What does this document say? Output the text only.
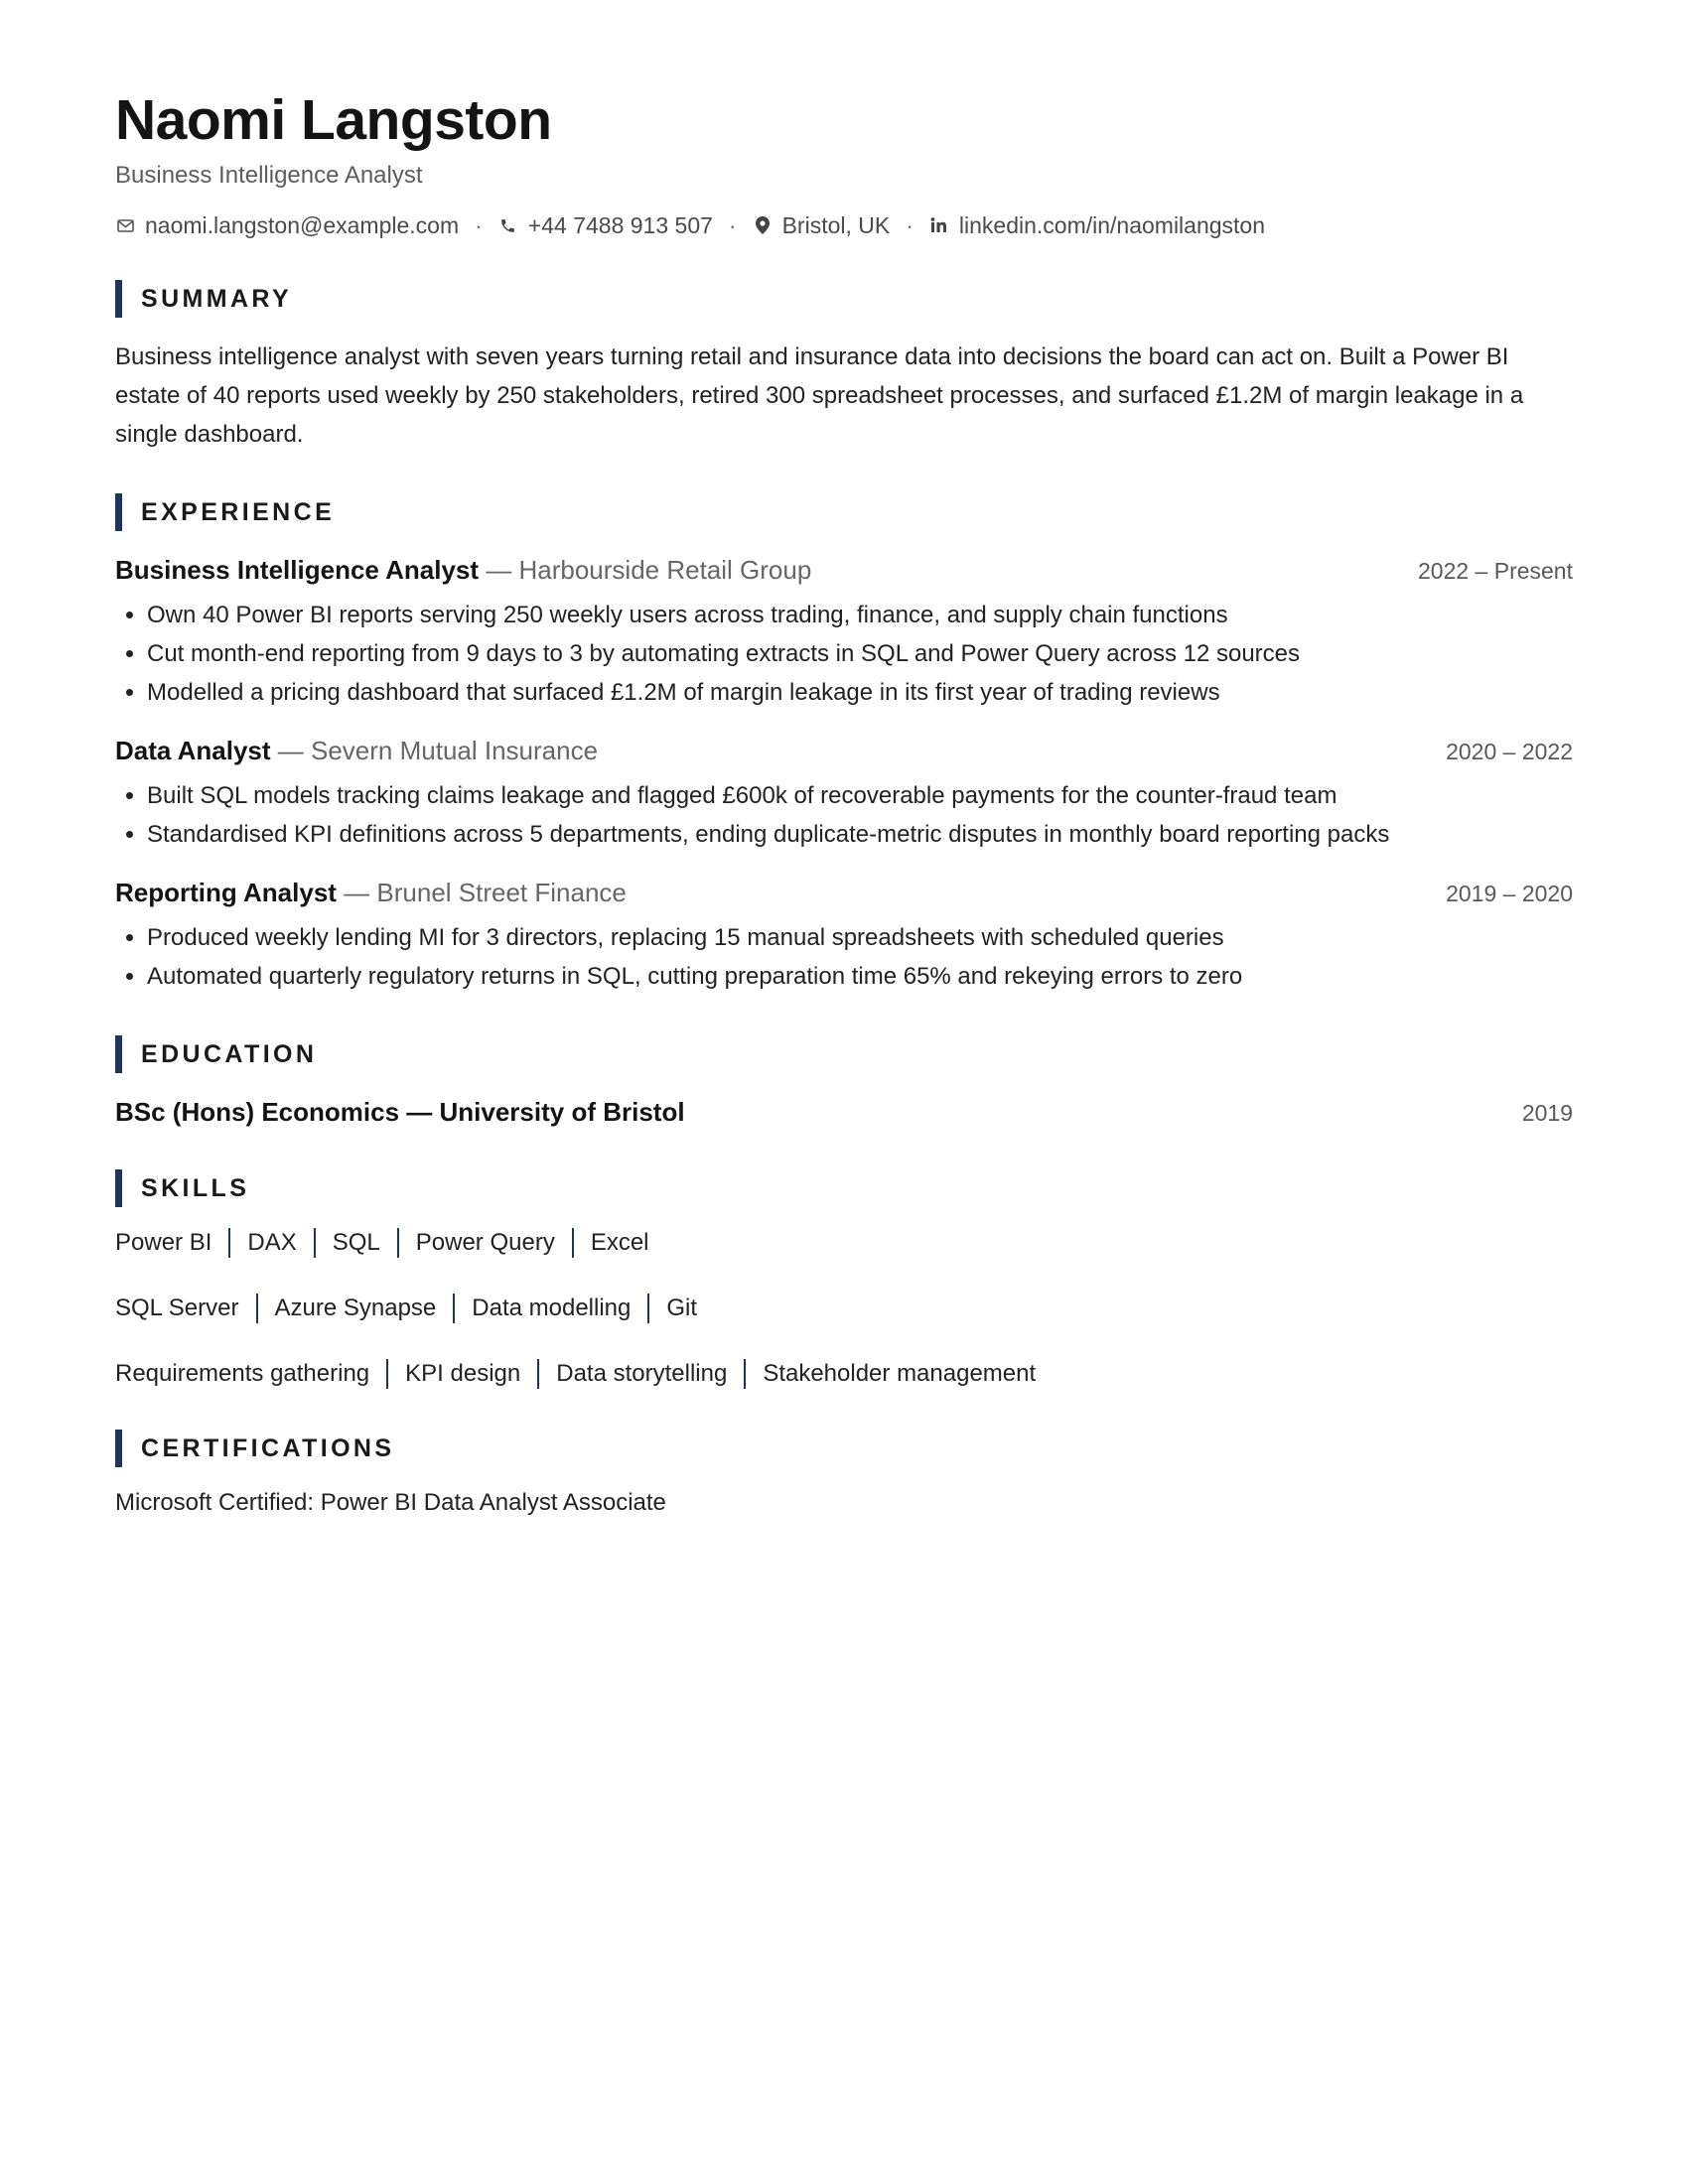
Naomi Langston
Business Intelligence Analyst
naomi.langston@example.com · +44 7488 913 507 · Bristol, UK · linkedin.com/in/naomilangston
SUMMARY
Business intelligence analyst with seven years turning retail and insurance data into decisions the board can act on. Built a Power BI estate of 40 reports used weekly by 250 stakeholders, retired 300 spreadsheet processes, and surfaced £1.2M of margin leakage in a single dashboard.
EXPERIENCE
Business Intelligence Analyst — Harbourside Retail Group	2022 – Present
• Own 40 Power BI reports serving 250 weekly users across trading, finance, and supply chain functions
• Cut month-end reporting from 9 days to 3 by automating extracts in SQL and Power Query across 12 sources
• Modelled a pricing dashboard that surfaced £1.2M of margin leakage in its first year of trading reviews
Data Analyst — Severn Mutual Insurance	2020 – 2022
• Built SQL models tracking claims leakage and flagged £600k of recoverable payments for the counter-fraud team
• Standardised KPI definitions across 5 departments, ending duplicate-metric disputes in monthly board reporting packs
Reporting Analyst — Brunel Street Finance	2019 – 2020
• Produced weekly lending MI for 3 directors, replacing 15 manual spreadsheets with scheduled queries
• Automated quarterly regulatory returns in SQL, cutting preparation time 65% and rekeying errors to zero
EDUCATION
BSc (Hons) Economics — University of Bristol	2019
SKILLS
Power BI DAX SQL Power Query Excel
SQL Server Azure Synapse Data modelling Git
Requirements gathering KPI design Data storytelling Stakeholder management
CERTIFICATIONS
Microsoft Certified: Power BI Data Analyst Associate
